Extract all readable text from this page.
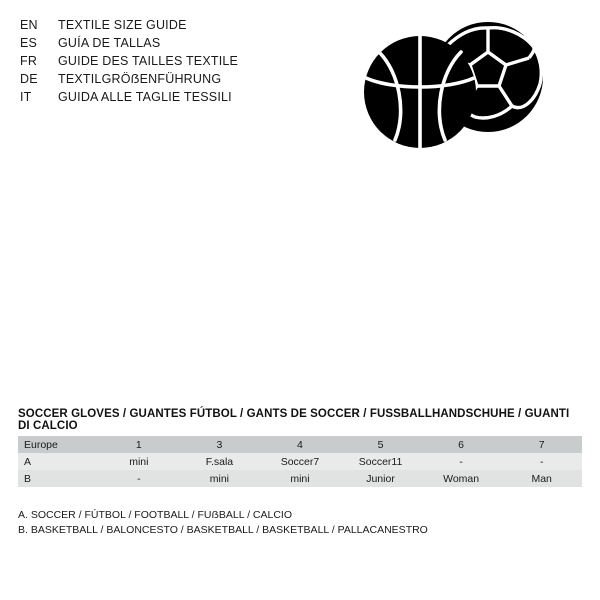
EN	TEXTILE SIZE GUIDE
ES	GUÍA DE TALLAS
FR	GUIDE DES TAILLES TEXTILE
DE	TEXTILGRÖẞENFÜHRUNG
IT	GUIDA ALLE TAGLIE TESSILI
SOCCER GLOVES / GUANTES FÚTBOL / GANTS DE SOCCER / FUSSBALLHANDSCHUHE / GUANTI DI CALCIO
Europe	1	3	4	5	6	7
A	mini	F.sala	Soccer7	Soccer11	-	-
B	-	mini	mini	Junior	Woman	Man
A. SOCCER / FÚTBOL / FOOTBALL / FUẞBALL / CALCIO
B. BASKETBALL / BALONCESTO / BASKETBALL / BASKETBALL / PALLACANESTRO
